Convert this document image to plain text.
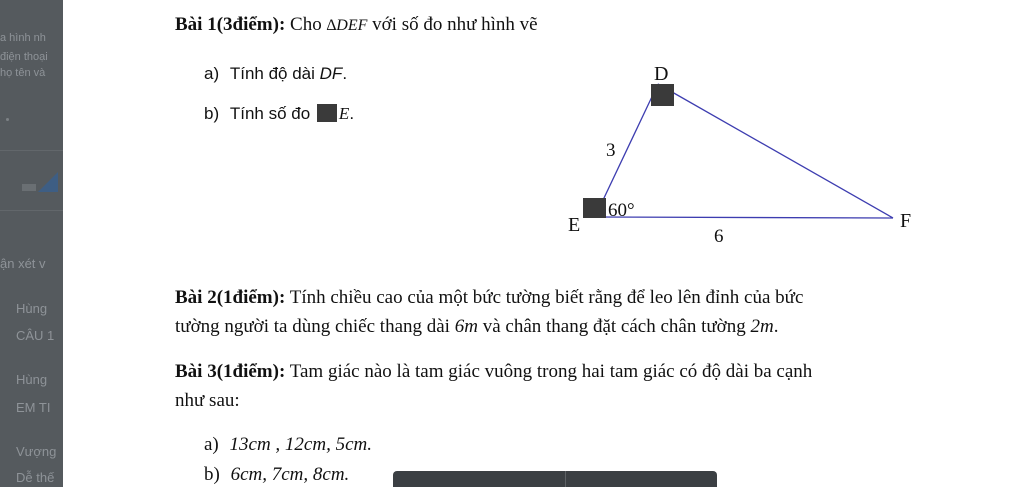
a hình nh
điện thoại
họ tên và
ận xét v
Hùng
CÂU 1
Hùng
EM TI
Vượng
Dễ thế
Bài 1(3điểm): Cho ∆DEF với số đo như hình vẽ
a) Tính độ dài DF.
b) Tính số đo E.
D
E	F
3
6
60°
Bài 2(1điểm): Tính chiều cao của một bức tường biết rằng để leo lên đỉnh của bức
tường người ta dùng chiếc thang dài 6m và chân thang đặt cách chân tường 2m.
Bài 3(1điểm): Tam giác nào là tam giác vuông trong hai tam giác có độ dài ba cạnh
như sau:
a) 13cm , 12cm, 5cm.
b) 6cm, 7cm, 8cm.
